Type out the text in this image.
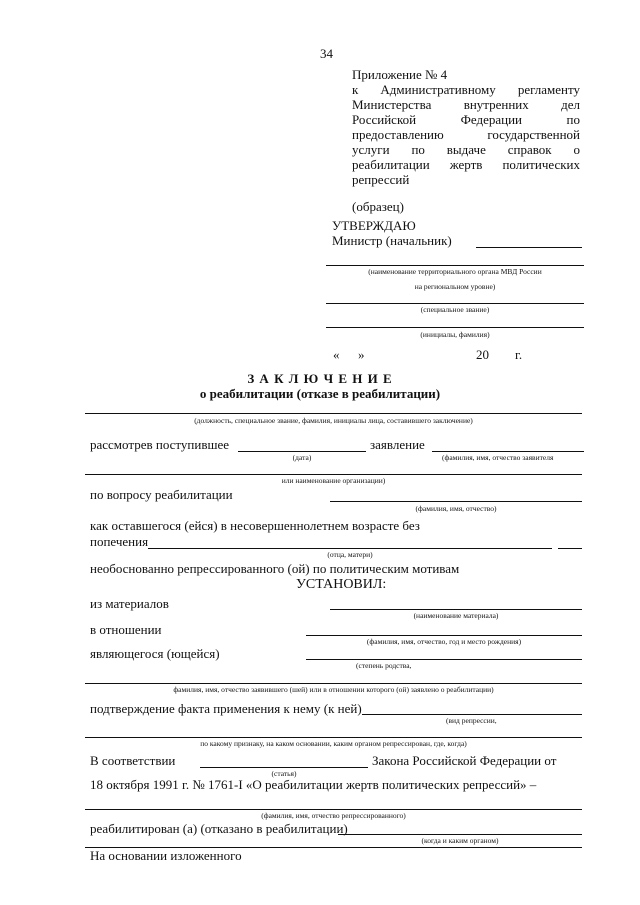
34
Приложение № 4
к Административному регламенту
Министерства внутренних дел
Российской Федерации по
предоставлению государственной
услуги по выдаче справок о
реабилитации жертв политических
репрессий
(образец)
УТВЕРЖДАЮ
Министр (начальник)
(наименование территориального органа МВД России
на региональном уровне)
(специальное звание)
(инициалы, фамилия)
« »	20 г.
З А К Л Ю Ч Е Н И Е
о реабилитации (отказе в реабилитации)
(должность, специальное звание, фамилия, инициалы лица, составившего заключение)
рассмотрев поступившее
(дата)
заявление
(фамилия, имя, отчество заявителя
или наименование организации)
по вопросу реабилитации
(фамилия, имя, отчество)
как оставшегося (ейся) в несовершеннолетнем возрасте без
попечения
(отца, матери)
необоснованно репрессированного (ой) по политическим мотивам
УСТАНОВИЛ:
из материалов
(наименование материала)
в отношении
(фамилия, имя, отчество, год и место рождения)
являющегося (ющейся)
(степень родства,
фамилия, имя, отчество заявившего (шей) или в отношении которого (ой) заявлено о реабилитации)
подтверждение факта применения к нему (к ней)
(вид репрессии,
по какому признаку, на каком основании, каким органом репрессирован, где, когда)
В соответствии
(статья)
Закона Российской Федерации от
18 октября 1991 г. № 1761-I «О реабилитации жертв политических репрессий» –
(фамилия, имя, отчество репрессированного)
реабилитирован (а) (отказано в реабилитации)
(когда и каким органом)
На основании изложенного
